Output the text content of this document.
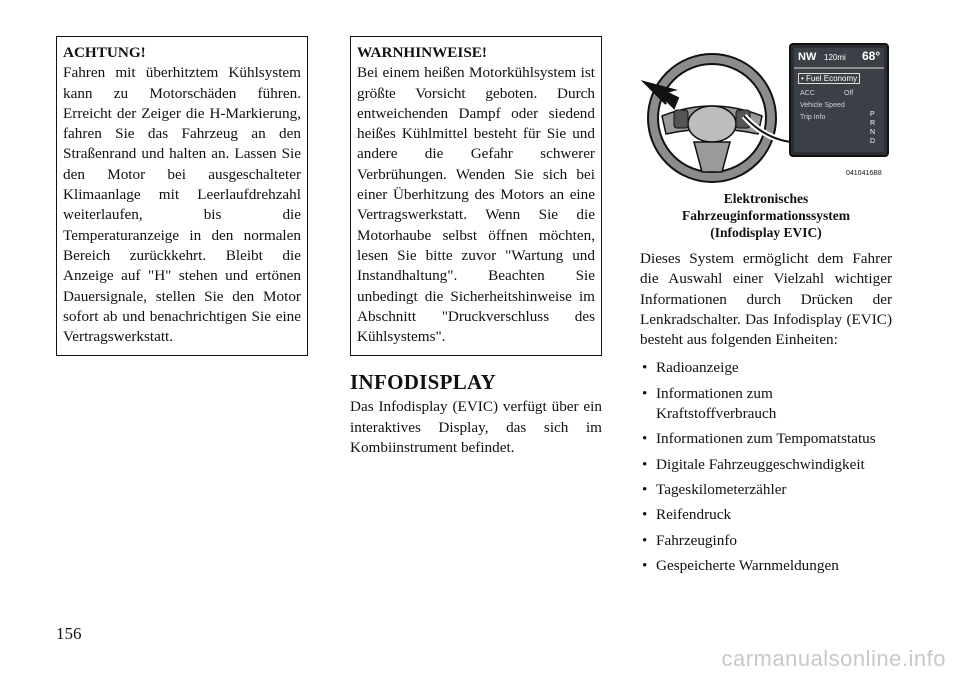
ACHTUNG!
Fahren mit überhitztem Kühlsystem kann zu Motorschäden führen. Erreicht der Zeiger die H-Markierung, fahren Sie das Fahrzeug an den Straßenrand und halten an. Lassen Sie den Motor bei ausgeschalteter Klimaanlage mit Leerlaufdrehzahl weiterlaufen, bis die Temperaturanzeige in den normalen Bereich zurückkehrt. Bleibt die Anzeige auf "H" stehen und ertönen Dauersignale, stellen Sie den Motor sofort ab und benachrichtigen Sie eine Vertragswerkstatt.
WARNHINWEISE!
Bei einem heißen Motorkühlsystem ist größte Vorsicht geboten. Durch entweichenden Dampf oder siedend heißes Kühlmittel besteht für Sie und andere die Gefahr schwerer Verbrühungen. Wenden Sie sich bei einer Überhitzung des Motors an eine Vertragswerkstatt. Wenn Sie die Motorhaube selbst öffnen möchten, lesen Sie bitte zuvor "Wartung und Instandhaltung". Beachten Sie unbedingt die Sicherheitshinweise im Abschnitt "Druckverschluss des Kühlsystems".
INFODISPLAY

Das Infodisplay (EVIC) verfügt über ein interaktives Display, das sich im Kombiinstrument befindet.

NW 120mi 68°
• Fuel Economy
ACC	Off
Vehicle Speed
Trip Info	P R N D
0410416B8
Elektronisches
Fahrzeuginformationssystem
(Infodisplay EVIC)

Dieses System ermöglicht dem Fahrer die Auswahl einer Vielzahl wichtiger Informationen durch Drücken der Lenkradschalter. Das Infodisplay (EVIC) besteht aus folgenden Einheiten:

• Radioanzeige
• Informationen zum Kraftstoffverbrauch
• Informationen zum Tempomatstatus
• Digitale Fahrzeuggeschwindigkeit
• Tageskilometerzähler
• Reifendruck
• Fahrzeuginfo
• Gespeicherte Warnmeldungen
156
carmanualsonline.info
